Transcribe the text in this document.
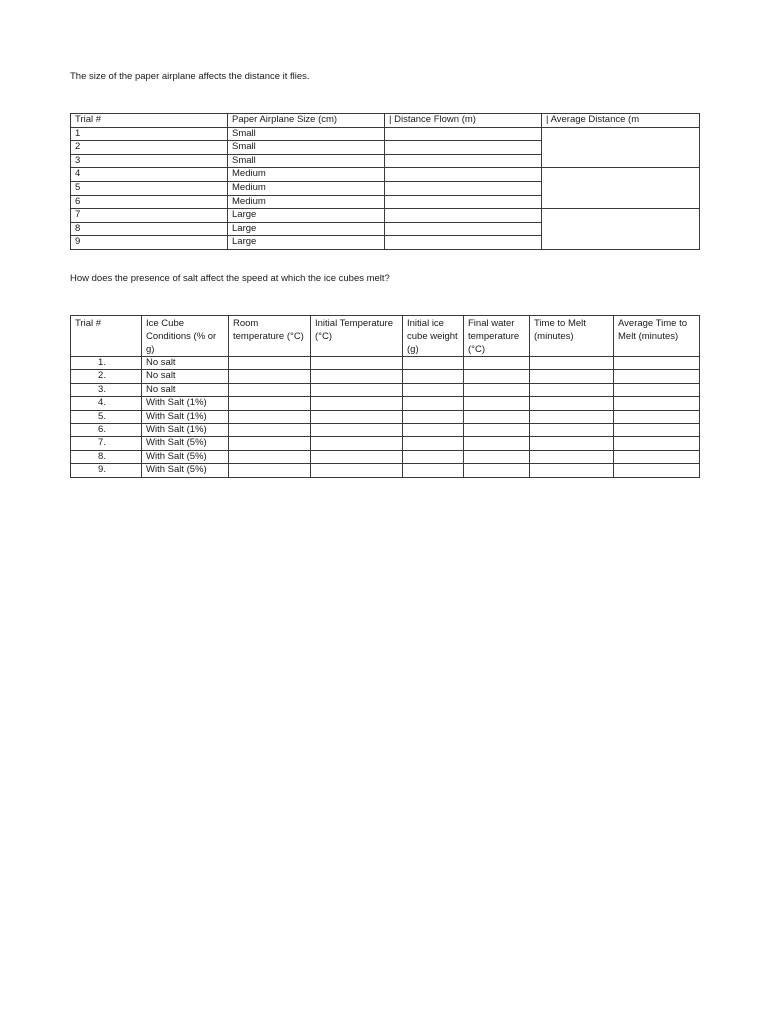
The size of the paper airplane affects the distance it flies.
Trial #	Paper Airplane Size (cm)	| Distance Flown (m)	| Average Distance (m
1	Small		
2	Small		
3	Small		
4	Medium		
5	Medium		
6	Medium		
7	Large		
8	Large		
9	Large		
How does the presence of salt affect the speed at which the ice cubes melt?
Trial #	Ice Cube Conditions (% or g)	Room temperature (°C)	Initial Temperature (°C)	Initial ice cube weight (g)	Final water temperature (°C)	Time to Melt (minutes)	Average Time to Melt (minutes)
1.	No salt						
2.	No salt						
3.	No salt						
4.	With Salt (1%)						
5.	With Salt (1%)						
6.	With Salt (1%)						
7.	With Salt (5%)						
8.	With Salt (5%)						
9.	With Salt (5%)						
